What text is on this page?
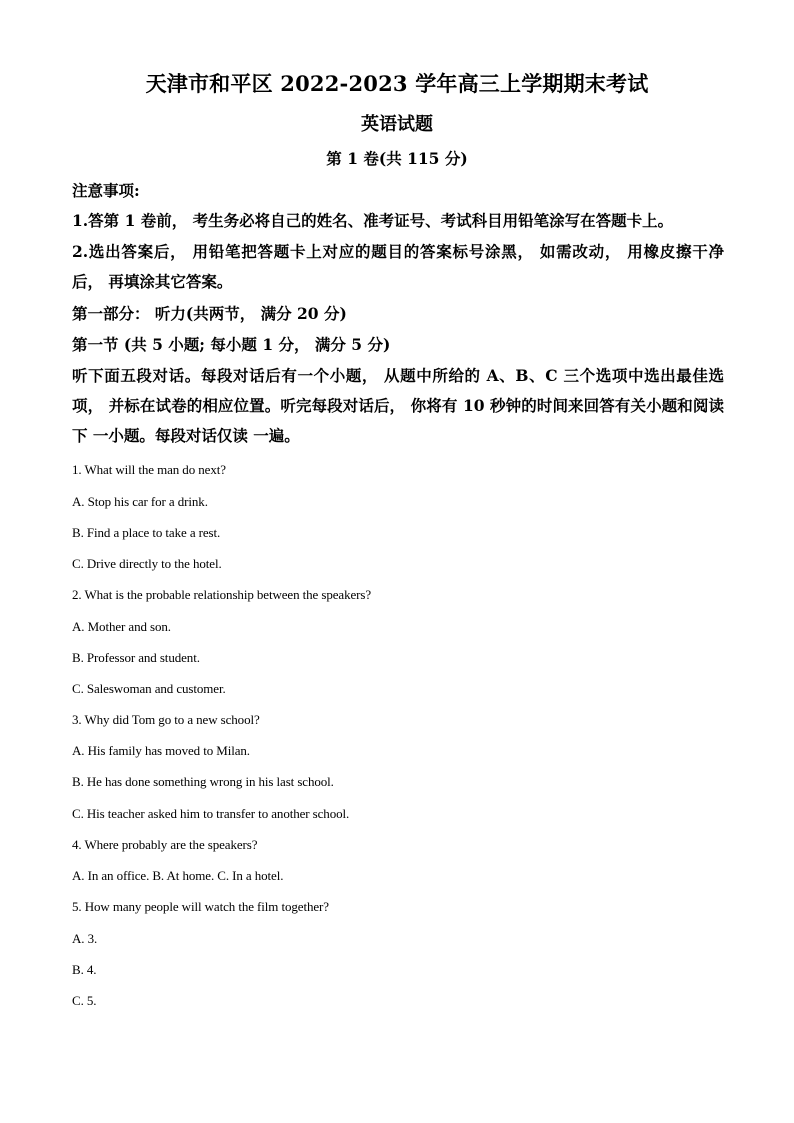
天津市和平区 2022-2023 学年高三上学期期末考试
英语试题
第 1 卷(共 115 分)
注意事项:
1.答第 1 卷前， 考生务必将自己的姓名、准考证号、考试科目用铅笔涂写在答题卡上。
2.选出答案后， 用铅笔把答题卡上对应的题目的答案标号涂黑， 如需改动， 用橡皮擦干净后， 再填涂其它答案。
第一部分： 听力(共两节， 满分 20 分)
第一节 (共 5 小题; 每小题 1 分， 满分 5 分)
听下面五段对话。每段对话后有一个小题， 从题中所给的 A、B、C 三个选项中选出最佳选项， 并标在试卷的相应位置。听完每段对话后， 你将有 10 秒钟的时间来回答有关小题和阅读下 一小题。每段对话仅读 一遍。
1. What will the man do next?
A. Stop his car for a drink.
B. Find a place to take a rest.
C. Drive directly to the hotel.
2. What is the probable relationship between the speakers?
A. Mother and son.
B. Professor and student.
C. Saleswoman and customer.
3. Why did Tom go to a new school?
A. His family has moved to Milan.
B. He has done something wrong in his last school.
C. His teacher asked him to transfer to another school.
4. Where probably are the speakers?
A. In an office. B. At home. C. In a hotel.
5. How many people will watch the film together?
A. 3.
B. 4.
C. 5.
